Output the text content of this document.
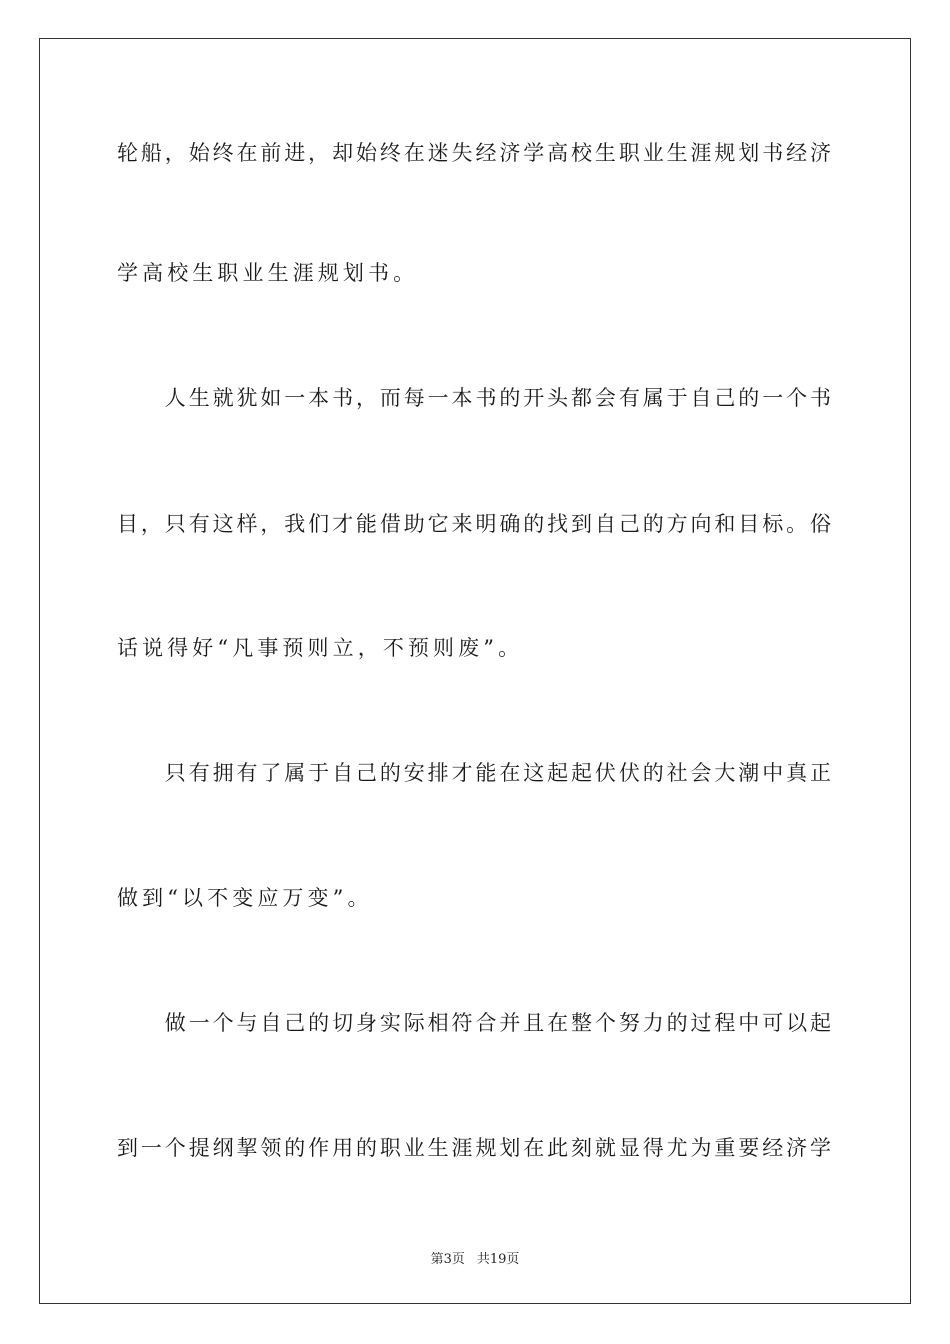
轮船，始终在前进，却始终在迷失经济学高校生职业生涯规划书经济
学高校生职业生涯规划书。
　　人生就犹如一本书，而每一本书的开头都会有属于自己的一个书
目，只有这样，我们才能借助它来明确的找到自己的方向和目标。俗
话说得好“凡事预则立，不预则废”。
　　只有拥有了属于自己的安排才能在这起起伏伏的社会大潮中真正
做到“以不变应万变”。
　　做一个与自己的切身实际相符合并且在整个努力的过程中可以起
到一个提纲挈领的作用的职业生涯规划在此刻就显得尤为重要经济学
第3页 共19页
